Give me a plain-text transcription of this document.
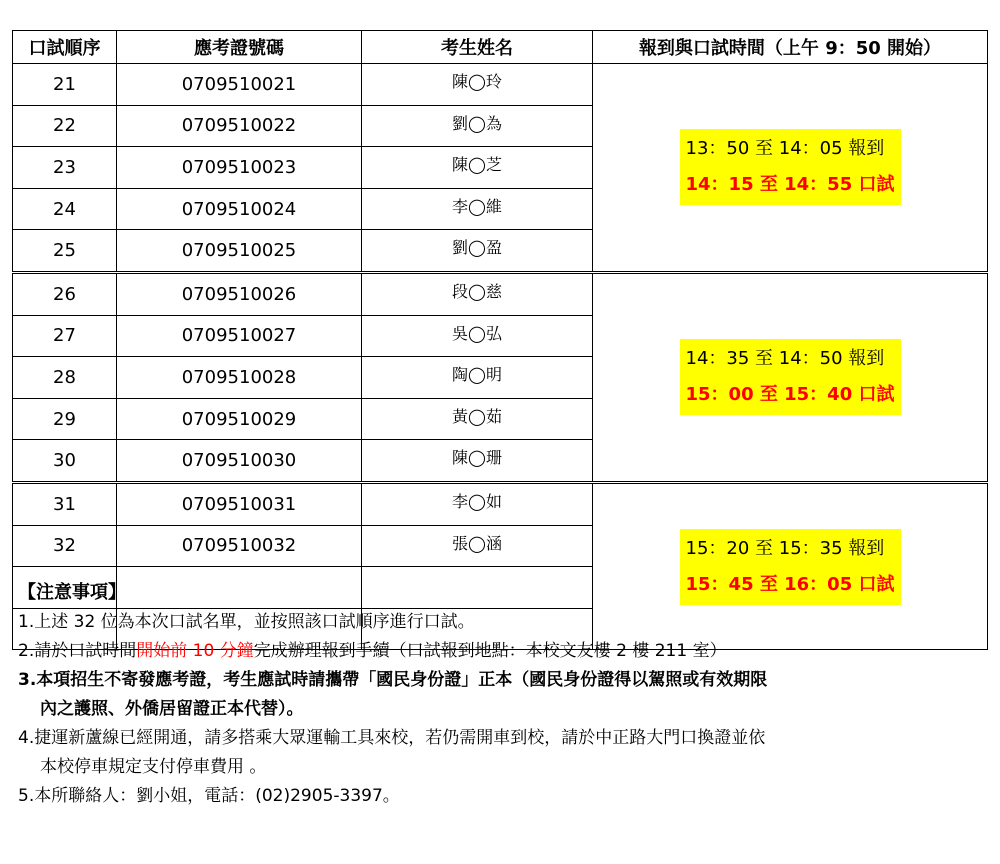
口試順序	應考證號碼	考生姓名	報到與口試時間（上午 9：50 開始）
21	0709510021	陳◯玲	13：50 至 14：05 報到
14：15 至 14：55 口試

22	0709510022	劉◯為	
23	0709510023	陳◯芝	
24	0709510024	李◯維	
25	0709510025	劉◯盈	
26	0709510026	段◯慈	14：35 至 14：50 報到
15：00 至 15：40 口試

27	0709510027	吳◯弘	
28	0709510028	陶◯明	
29	0709510029	黃◯茹	
30	0709510030	陳◯珊	
31	0709510031	李◯如	15：20 至 15：35 報到
15：45 至 16：05 口試

32	0709510032	張◯涵	

【注意事項】
1.上述 32 位為本次口試名單，並按照該口試順序進行口試。
2.請於口試時間開始前 10 分鐘完成辦理報到手續（口試報到地點：本校文友樓 2 樓 211 室）
3.本項招生不寄發應考證，考生應試時請攜帶「國民身份證」正本（國民身份證得以駕照或有效期限
內之護照、外僑居留證正本代替）。
4.捷運新蘆線已經開通，請多搭乘大眾運輸工具來校，若仍需開車到校，請於中正路大門口換證並依
本校停車規定支付停車費用 。
5.本所聯絡人：劉小姐，電話：(02)2905-3397。
